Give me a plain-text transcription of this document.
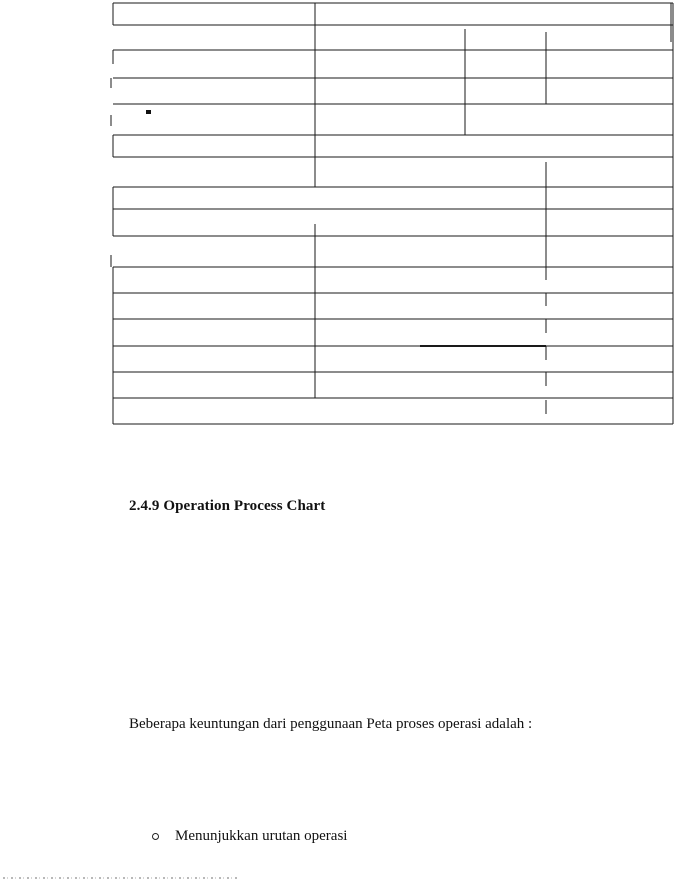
2.4.9 Operation Process Chart
Beberapa keuntungan dari penggunaan Peta proses operasi adalah :
Menunjukkan urutan operasi
